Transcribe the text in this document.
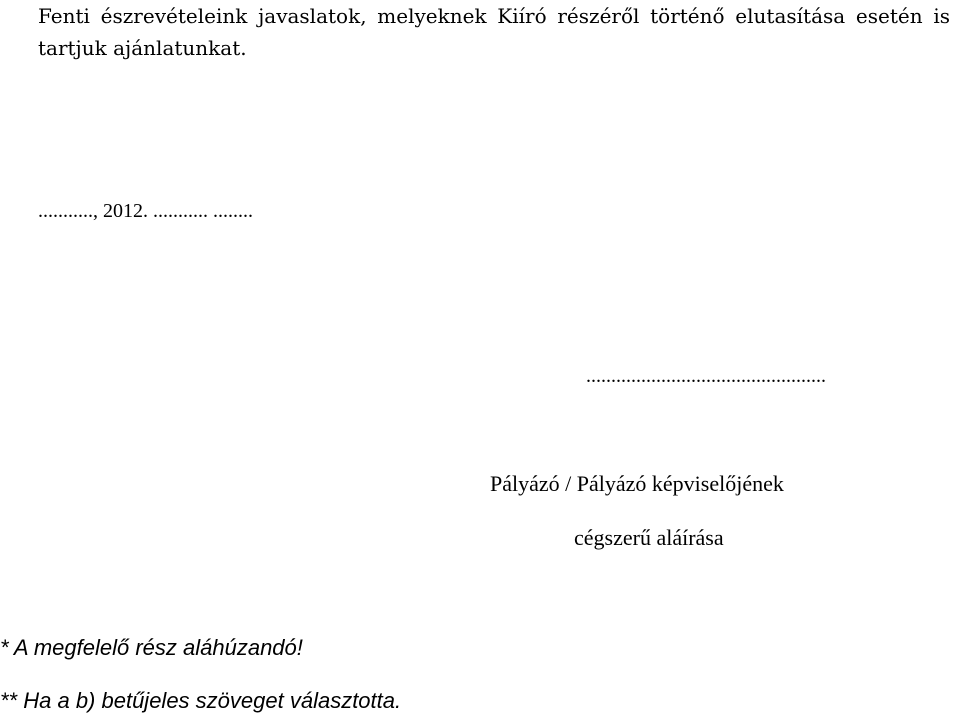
Fenti észrevételeink javaslatok, melyeknek Kiíró részéről történő elutasítása esetén is tartjuk ajánlatunkat.
..........., 2012. ........... ........
................................................
Pályázó / Pályázó képviselőjének
cégszerű aláírása
* A megfelelő rész aláhúzandó!
** Ha a b) betűjeles szöveget választotta.
